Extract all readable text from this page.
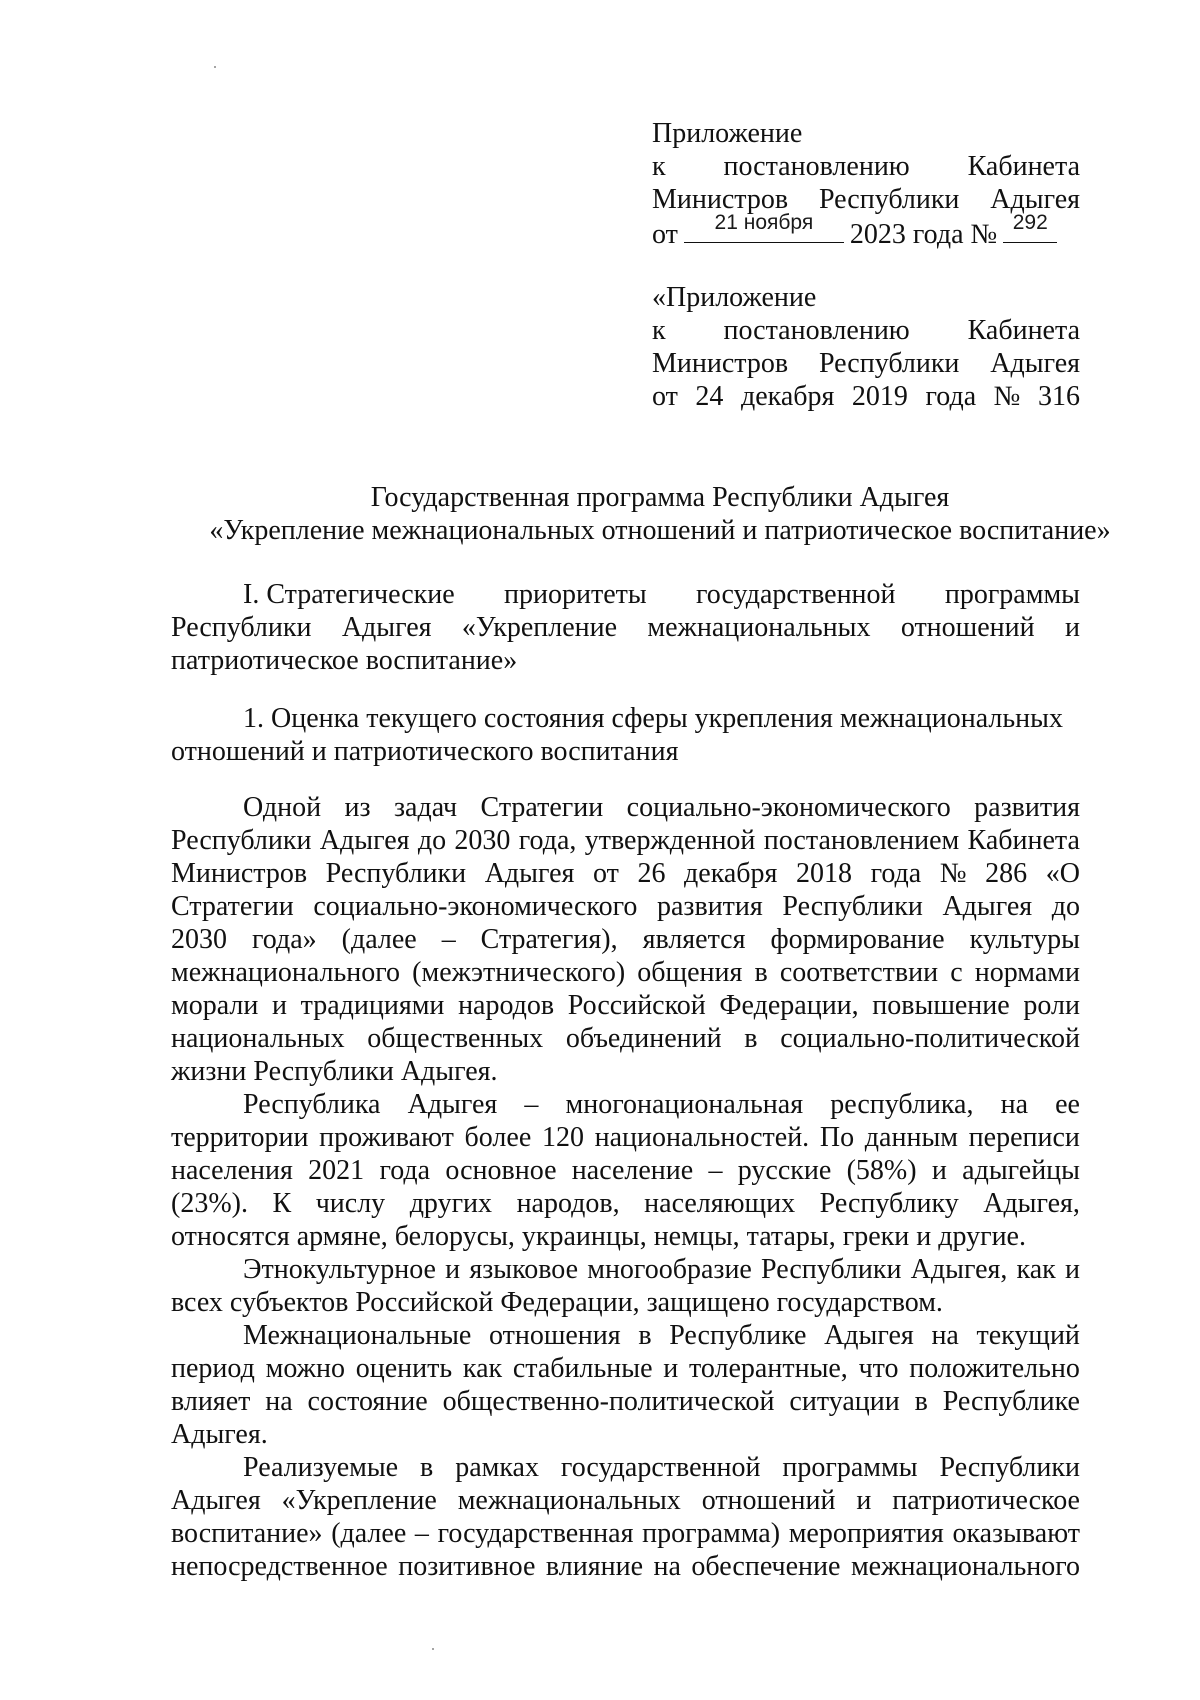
Приложение
к постановлению Кабинета
Министров Республики Адыгея
от	21 ноября	2023 года № 292
«Приложение
к постановлению Кабинета
Министров Республики Адыгея
от 24 декабря 2019 года № 316
Государственная программа Республики Адыгея
«Укрепление межнациональных отношений и патриотическое воспитание»
I. Стратегические приоритеты государственной программы
Республики Адыгея «Укрепление межнациональных отношений и
патриотическое воспитание»
1. Оценка текущего состояния сферы укрепления межнациональных
отношений и патриотического воспитания
Одной из задач Стратегии социально-экономического развития
Республики Адыгея до 2030 года, утвержденной постановлением Кабинета
Министров Республики Адыгея от 26 декабря 2018 года № 286 «О
Стратегии социально-экономического развития Республики Адыгея до
2030 года» (далее – Стратегия), является формирование культуры
межнационального (межэтнического) общения в соответствии с нормами
морали и традициями народов Российской Федерации, повышение роли
национальных общественных объединений в социально-политической
жизни Республики Адыгея.
Республика Адыгея – многонациональная республика, на ее
территории проживают более 120 национальностей. По данным переписи
населения 2021 года основное население – русские (58%) и адыгейцы
(23%). К числу других народов, населяющих Республику Адыгея,
относятся армяне, белорусы, украинцы, немцы, татары, греки и другие.
Этнокультурное и языковое многообразие Республики Адыгея, как и
всех субъектов Российской Федерации, защищено государством.
Межнациональные отношения в Республике Адыгея на текущий
период можно оценить как стабильные и толерантные, что положительно
влияет на состояние общественно-политической ситуации в Республике
Адыгея.
Реализуемые в рамках государственной программы Республики
Адыгея «Укрепление межнациональных отношений и патриотическое
воспитание» (далее – государственная программа) мероприятия оказывают
непосредственное позитивное влияние на обеспечение межнационального
